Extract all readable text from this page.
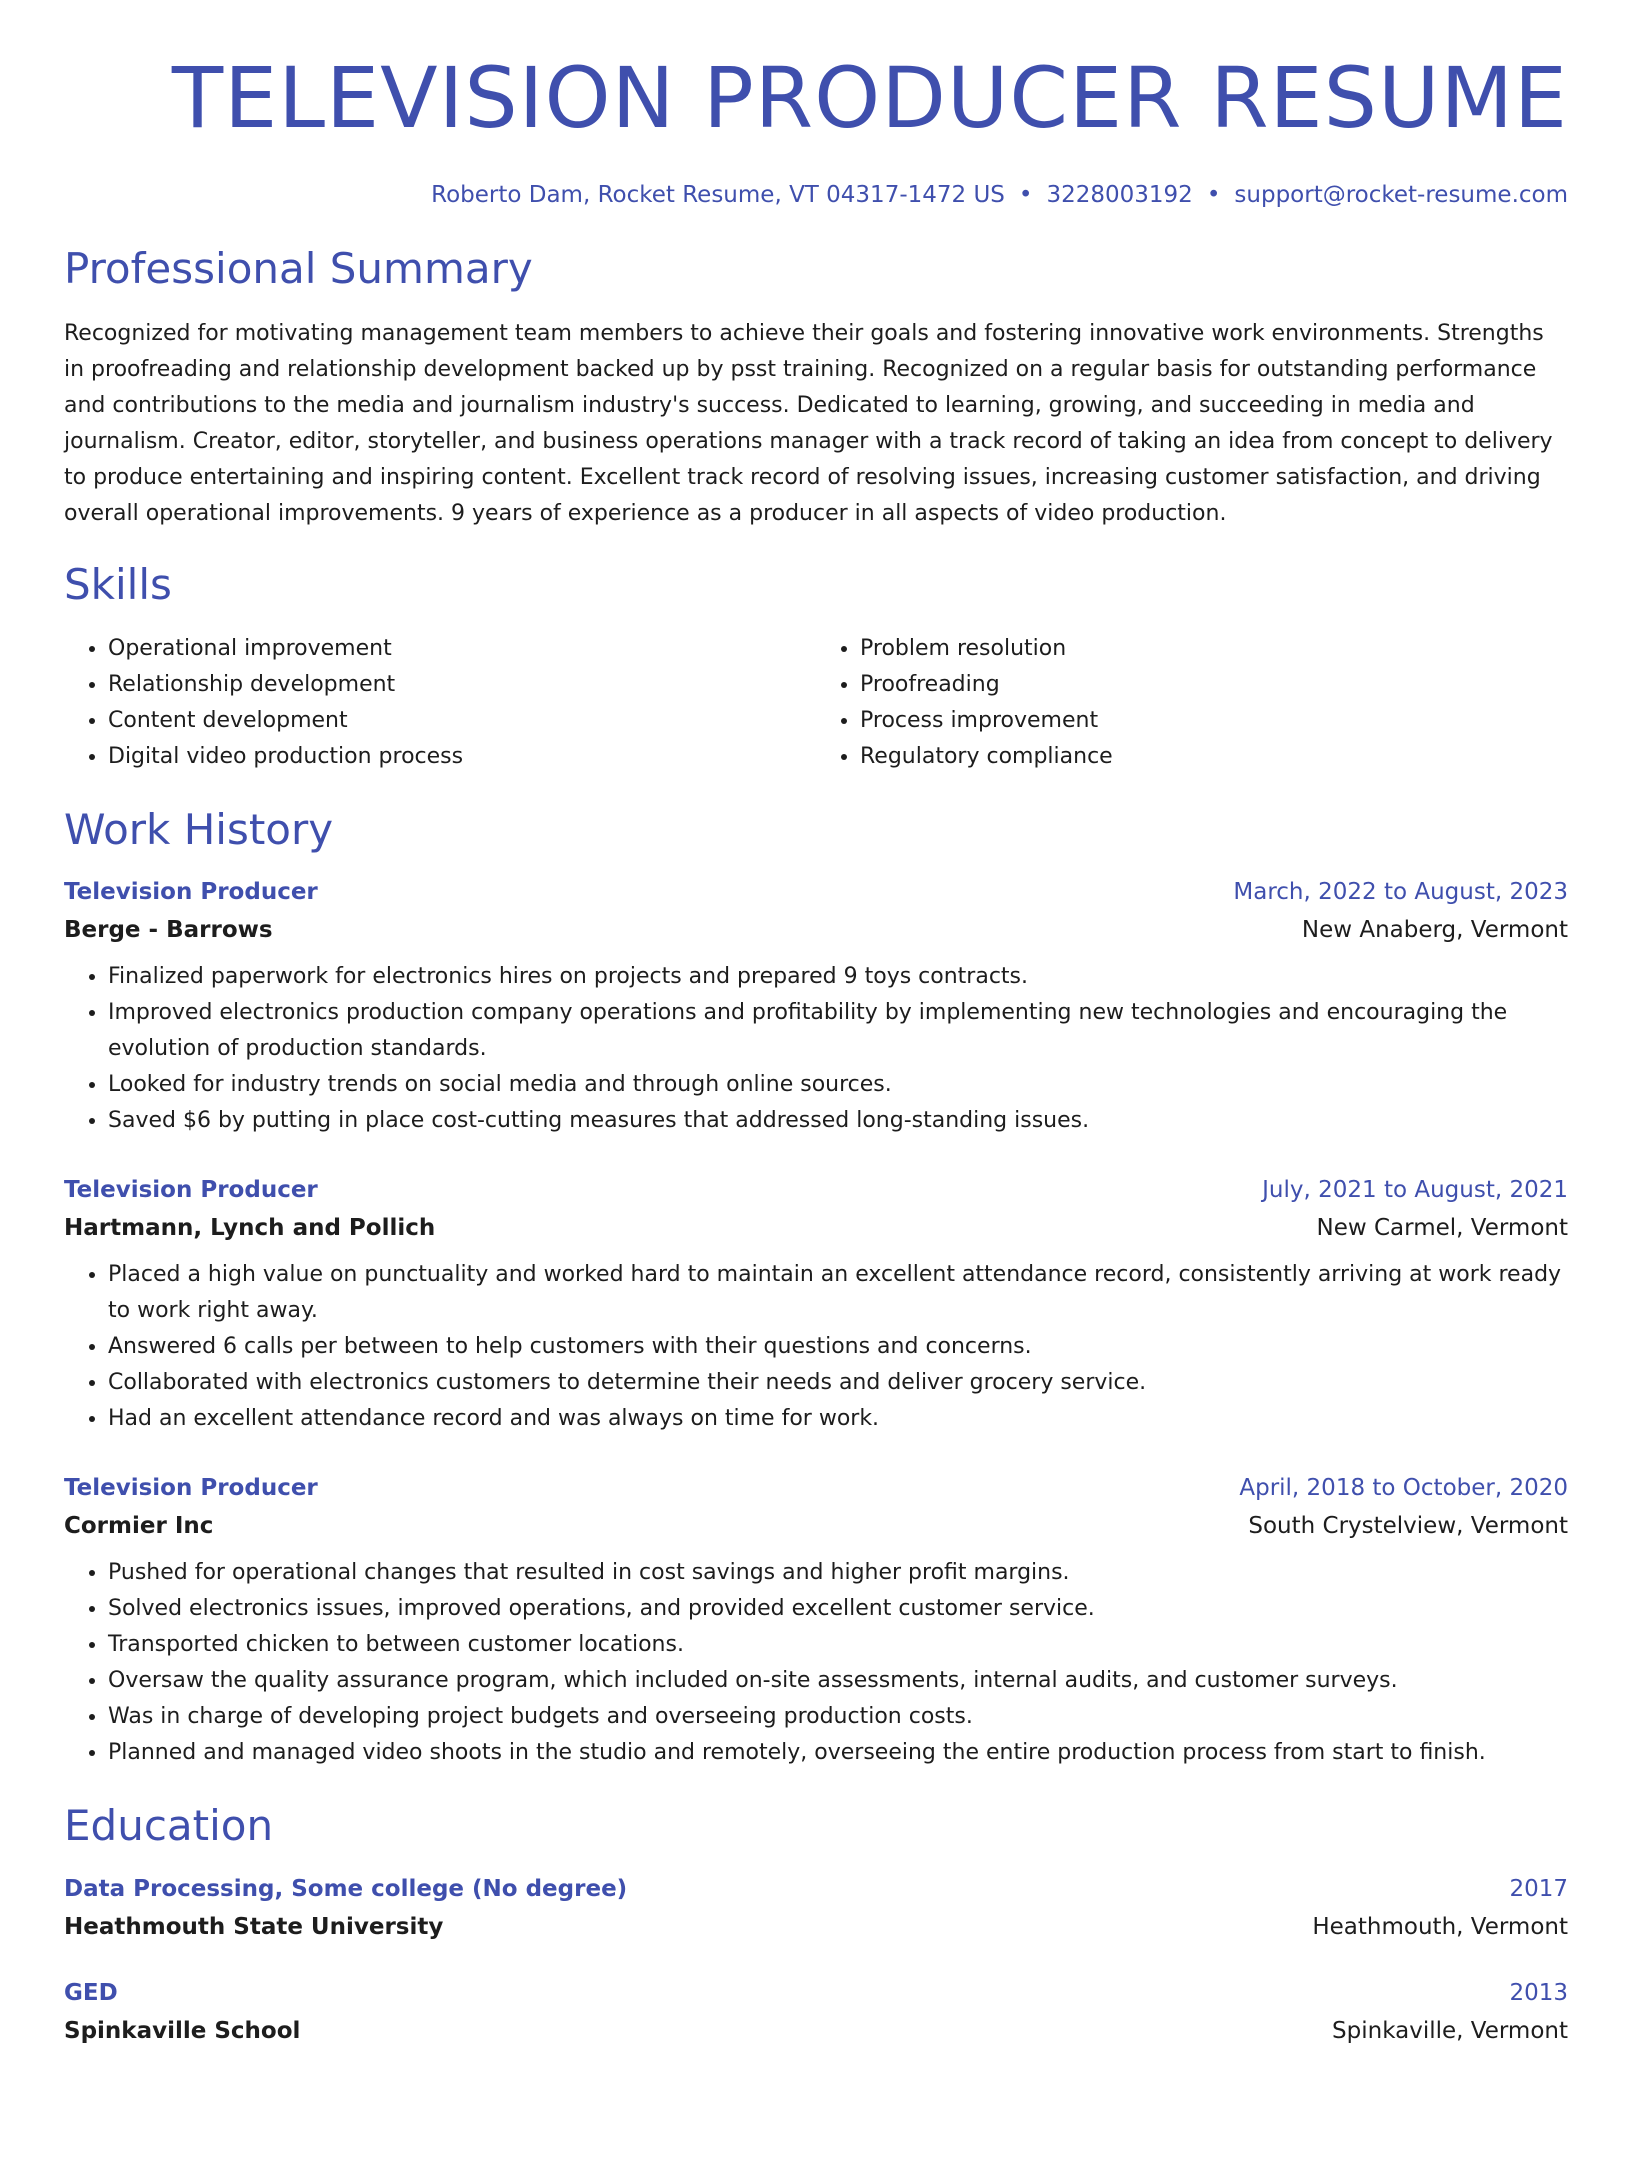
TELEVISION PRODUCER RESUME
Roberto Dam, Rocket Resume, VT 04317-1472 US • 3228003192 • support@rocket-resume.com
Professional Summary

Recognized for motivating management team members to achieve their goals and fostering innovative work environments. Strengths in proofreading and relationship development backed up by psst training. Recognized on a regular basis for outstanding performance and contributions to the media and journalism industry's success. Dedicated to learning, growing, and succeeding in media and journalism. Creator, editor, storyteller, and business operations manager with a track record of taking an idea from concept to delivery to produce entertaining and inspiring content. Excellent track record of resolving issues, increasing customer satisfaction, and driving overall operational improvements. 9 years of experience as a producer in all aspects of video production.

Skills
• Operational improvement
• Relationship development
• Content development
• Digital video production process
• Problem resolution
• Proofreading
• Process improvement
• Regulatory compliance
Work History
Television Producer	March, 2022 to August, 2023
Berge - Barrows	New Anaberg, Vermont
• Finalized paperwork for electronics hires on projects and prepared 9 toys contracts.
• Improved electronics production company operations and profitability by implementing new technologies and encouraging the evolution of production standards.
• Looked for industry trends on social media and through online sources.
• Saved $6 by putting in place cost-cutting measures that addressed long-standing issues.
Television Producer	July, 2021 to August, 2021
Hartmann, Lynch and Pollich	New Carmel, Vermont
• Placed a high value on punctuality and worked hard to maintain an excellent attendance record, consistently arriving at work ready to work right away.
• Answered 6 calls per between to help customers with their questions and concerns.
• Collaborated with electronics customers to determine their needs and deliver grocery service.
• Had an excellent attendance record and was always on time for work.
Television Producer	April, 2018 to October, 2020
Cormier Inc	South Crystelview, Vermont
• Pushed for operational changes that resulted in cost savings and higher profit margins.
• Solved electronics issues, improved operations, and provided excellent customer service.
• Transported chicken to between customer locations.
• Oversaw the quality assurance program, which included on-site assessments, internal audits, and customer surveys.
• Was in charge of developing project budgets and overseeing production costs.
• Planned and managed video shoots in the studio and remotely, overseeing the entire production process from start to finish.
Education
Data Processing, Some college (No degree)	2017
Heathmouth State University	Heathmouth, Vermont
GED	2013
Spinkaville School	Spinkaville, Vermont
